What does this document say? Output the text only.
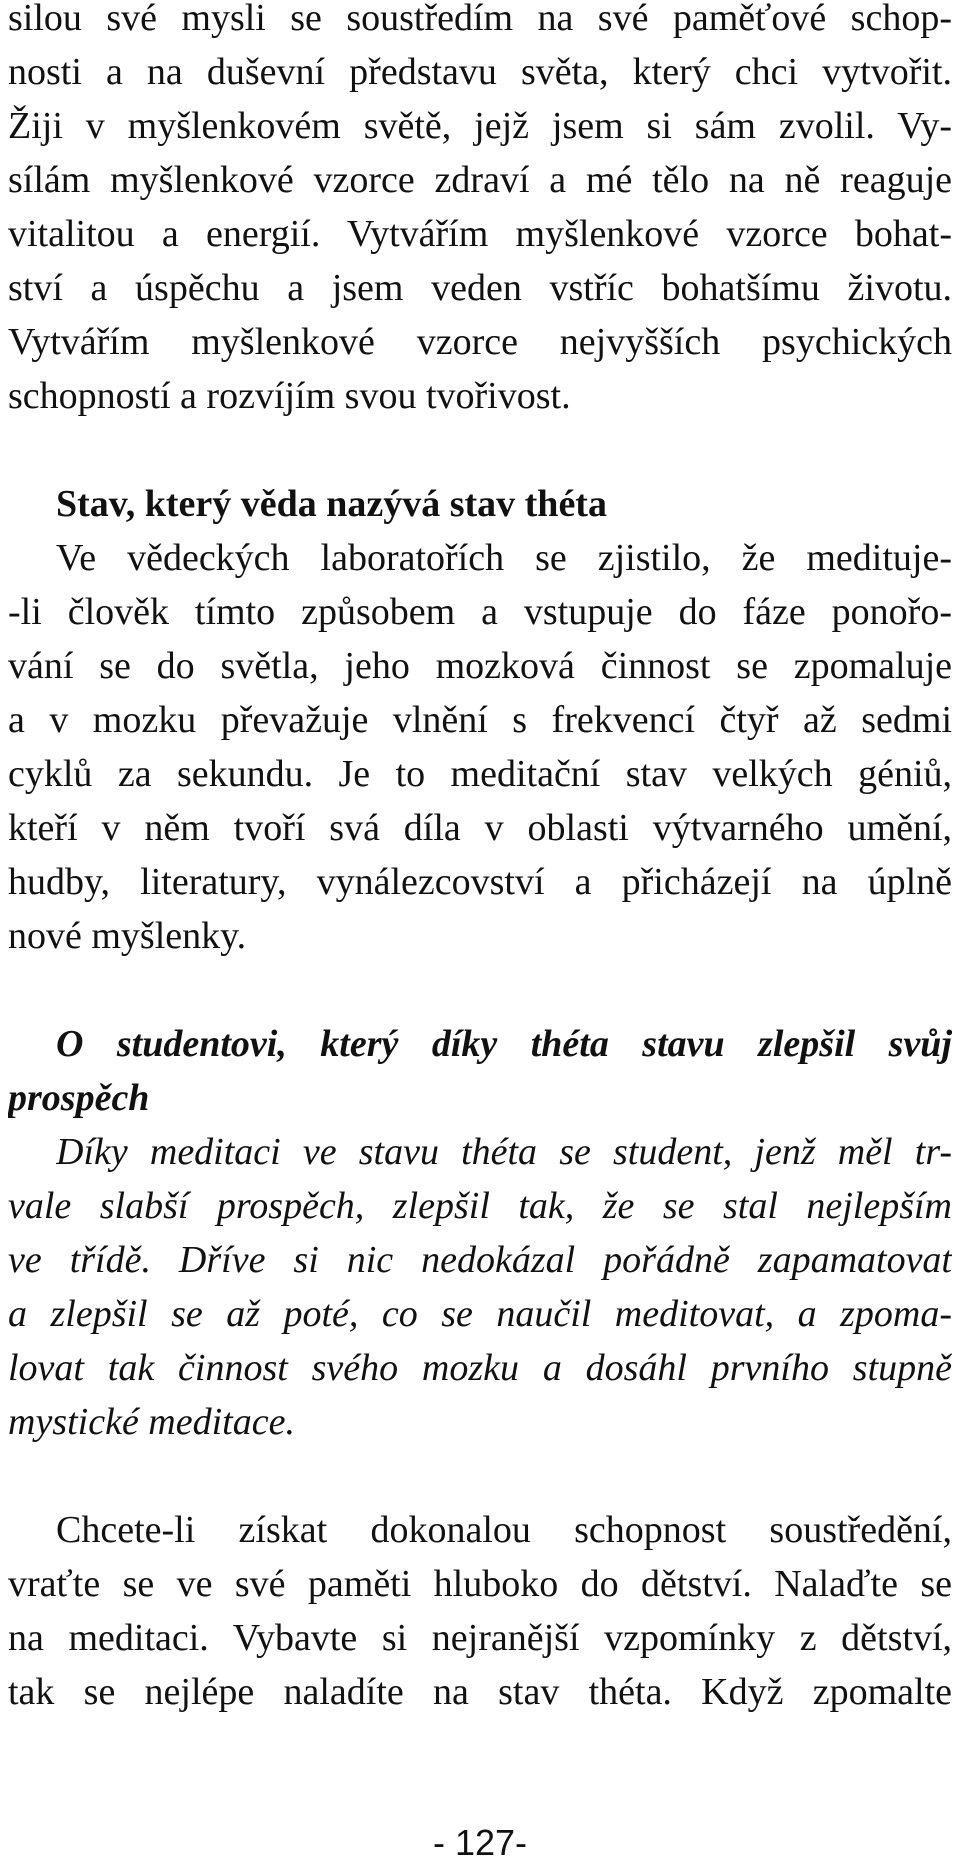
silou své mysli se soustředím na své paměťové schop-
nosti a na duševní představu světa, který chci vytvořit.
Žiji v myšlenkovém světě, jejž jsem si sám zvolil. Vy-
sílám myšlenkové vzorce zdraví a mé tělo na ně reaguje
vitalitou a energií. Vytvářím myšlenkové vzorce bohat-
ství a úspěchu a jsem veden vstříc bohatšímu životu.
Vytvářím myšlenkové vzorce nejvyšších psychických
schopností a rozvíjím svou tvořivost.
Stav, který věda nazývá stav théta
Ve vědeckých laboratořích se zjistilo, že medituje-
-li člověk tímto způsobem a vstupuje do fáze ponořo-
vání se do světla, jeho mozková činnost se zpomaluje
a v mozku převažuje vlnění s frekvencí čtyř až sedmi
cyklů za sekundu. Je to meditační stav velkých géniů,
kteří v něm tvoří svá díla v oblasti výtvarného umění,
hudby, literatury, vynálezcovství a přicházejí na úplně
nové myšlenky.
O studentovi, který díky théta stavu zlepšil svůj
prospěch
Díky meditaci ve stavu théta se student, jenž měl tr-
vale slabší prospěch, zlepšil tak, že se stal nejlepším
ve třídě. Dříve si nic nedokázal pořádně zapamatovat
a zlepšil se až poté, co se naučil meditovat, a zpoma-
lovat tak činnost svého mozku a dosáhl prvního stupně
mystické meditace.
Chcete-li získat dokonalou schopnost soustředění,
vraťte se ve své paměti hluboko do dětství. Nalaďte se
na meditaci. Vybavte si nejranější vzpomínky z dětství,
tak se nejlépe naladíte na stav théta. Když zpomalte
- 127-
